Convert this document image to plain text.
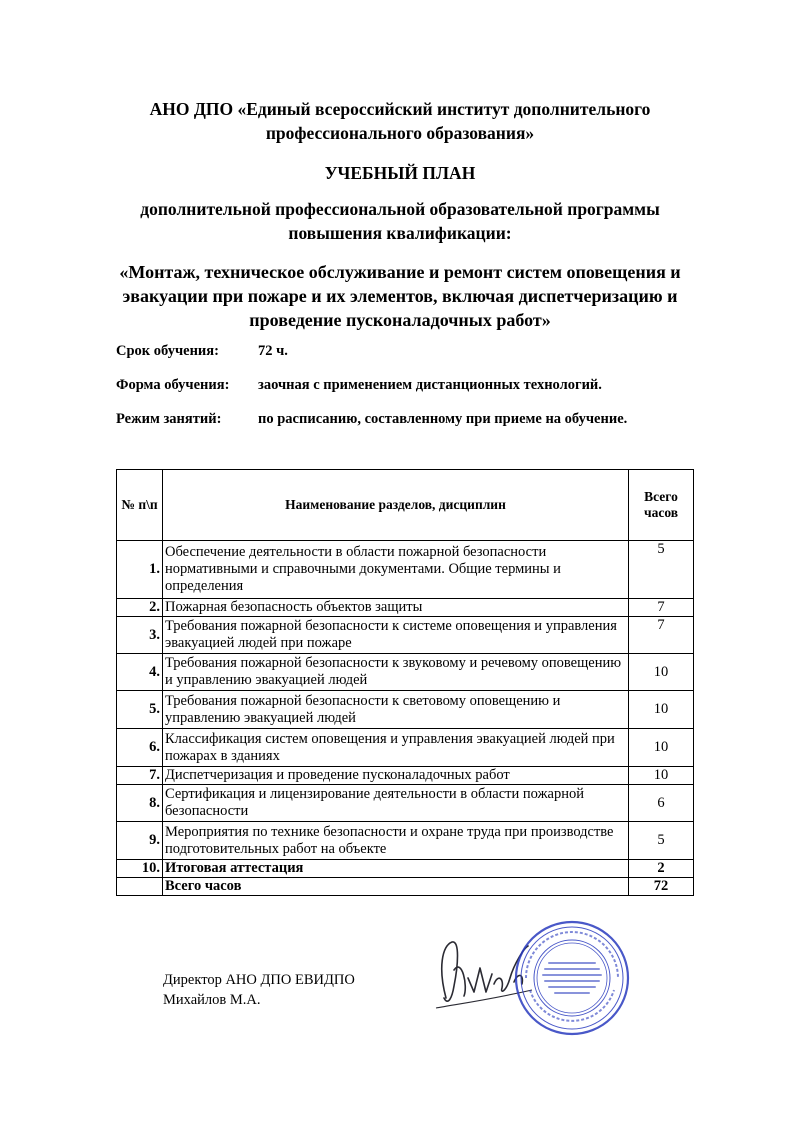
АНО ДПО «Единый всероссийский институт дополнительного
профессионального образования»
УЧЕБНЫЙ ПЛАН
дополнительной профессиональной образовательной программы
повышения квалификации:
«Монтаж, техническое обслуживание и ремонт систем оповещения и
эвакуации при пожаре и их элементов, включая диспетчеризацию и
проведение пусконаладочных работ»
Срок обучения:	72 ч.
Форма обучения: заочная с применением дистанционных технологий.
Режим занятий:	по расписанию, составленному при приеме на обучение.
№ п\п	Наименование разделов, дисциплин	Всего
часов

1.	Обеспечение деятельности в области пожарной безопасности нормативными и справочными документами. Общие термины и определения	5
2.	Пожарная безопасность объектов защиты	7
3.	Требования пожарной безопасности к системе оповещения и управления эвакуацией людей при пожаре	7
4.	Требования пожарной безопасности к звуковому и речевому оповещению и управлению эвакуацией людей	10
5.	Требования пожарной безопасности к световому оповещению и управлению эвакуацией людей	10
6.	Классификация систем оповещения и управления эвакуацией людей при пожарах в зданиях	10
7.	Диспетчеризация и проведение пусконаладочных работ	10
8.	Сертификация и лицензирование деятельности в области пожарной безопасности	6
9.	Мероприятия по технике безопасности и охране труда при производстве подготовительных работ на объекте	5
10.	Итоговая аттестация	2
	Всего часов	72
Директор АНО ДПО ЕВИДПО
Михайлов М.А.
